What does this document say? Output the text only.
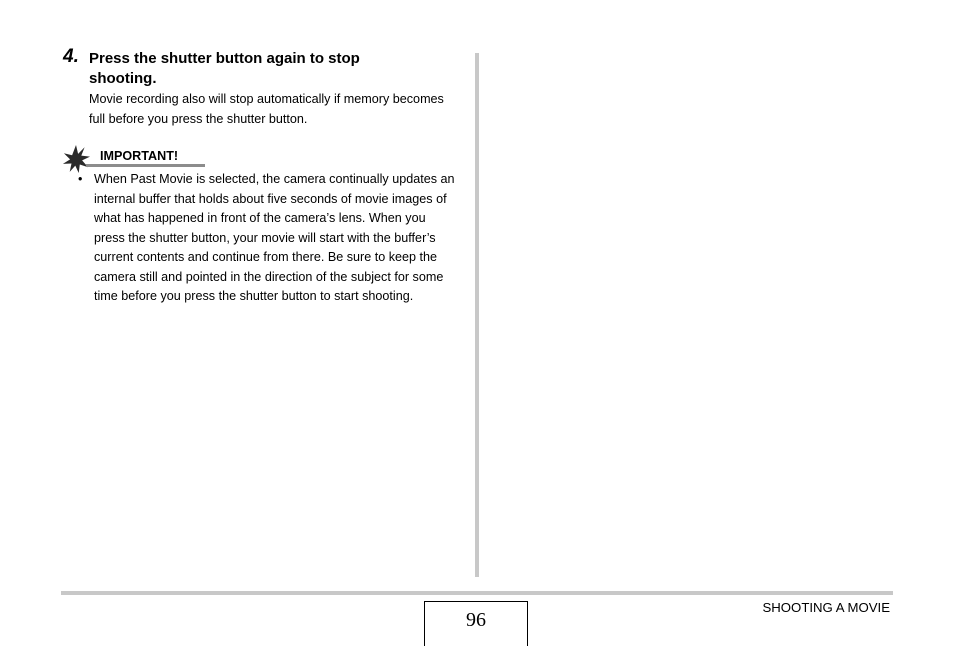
4. Press the shutter button again to stop shooting.
Movie recording also will stop automatically if memory becomes full before you press the shutter button.
IMPORTANT!
• When Past Movie is selected, the camera continually updates an internal buffer that holds about five seconds of movie images of what has happened in front of the camera’s lens. When you press the shutter button, your movie will start with the buffer’s current contents and continue from there. Be sure to keep the camera still and pointed in the direction of the subject for some time before you press the shutter button to start shooting.
96
SHOOTING A MOVIE
